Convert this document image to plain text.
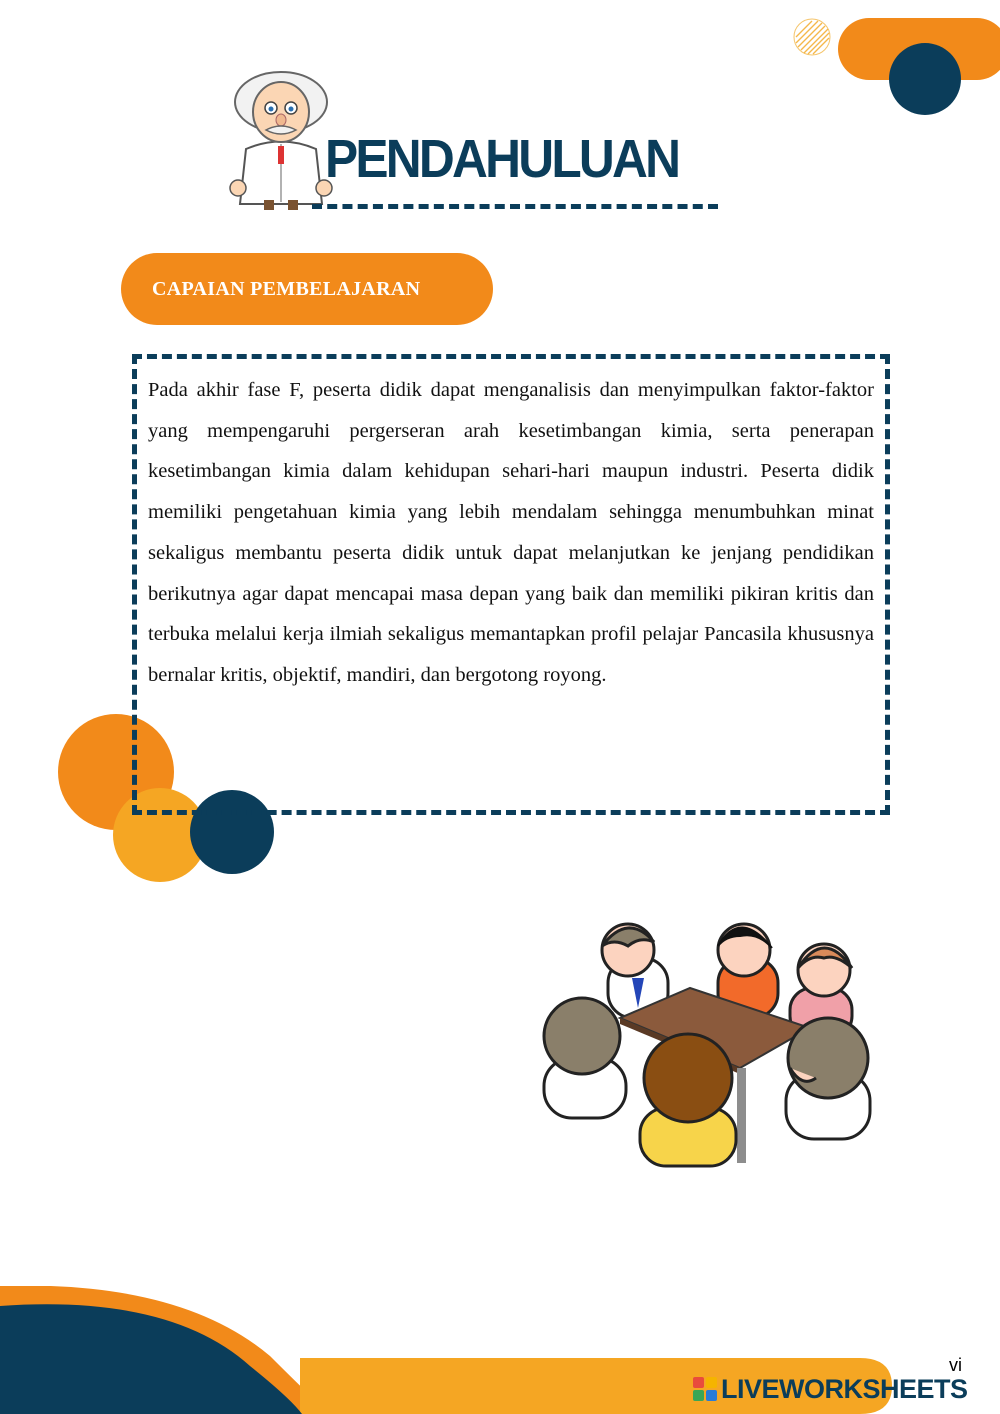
PENDAHULUAN
CAPAIAN PEMBELAJARAN

Pada akhir fase F, peserta didik dapat menganalisis dan menyimpulkan faktor-faktor yang mempengaruhi pergerseran arah kesetimbangan kimia, serta penerapan kesetimbangan kimia dalam kehidupan sehari-hari maupun industri. Peserta didik memiliki pengetahuan kimia yang lebih mendalam sehingga menumbuhkan minat sekaligus membantu peserta didik untuk dapat melanjutkan ke jenjang pendidikan berikutnya agar dapat mencapai masa depan yang baik dan memiliki pikiran kritis dan terbuka melalui kerja ilmiah sekaligus memantapkan profil pelajar Pancasila khususnya bernalar kritis, objektif, mandiri, dan bergotong royong.

vi
LIVEWORKSHEETS
